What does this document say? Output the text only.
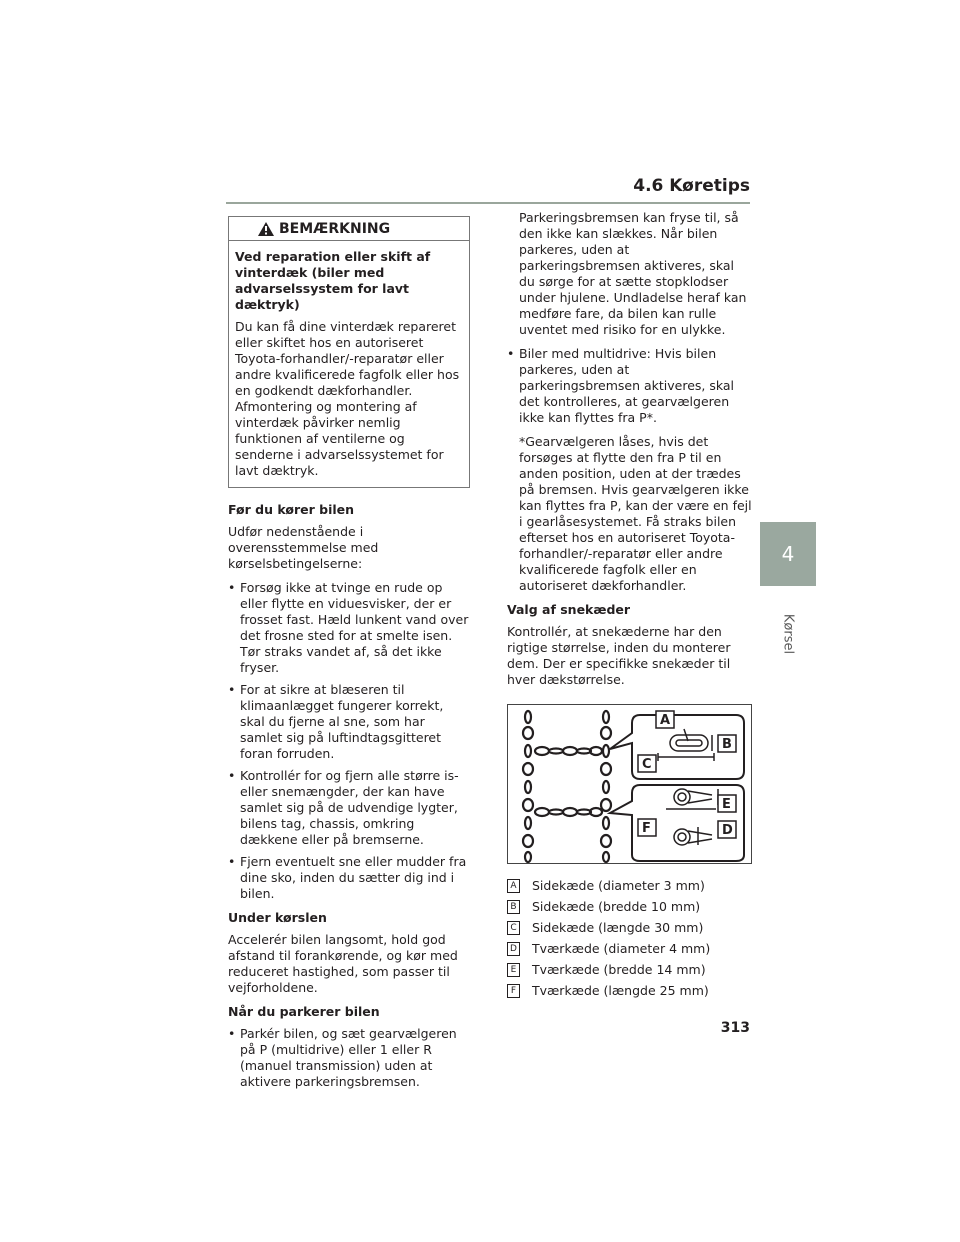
4.6 Køretips
4
Kørsel
BEMÆRKNING
Ved reparation eller skift af vinterdæk (biler med advarselssystem for lavt dæktryk)
Du kan få dine vinterdæk repareret eller skiftet hos en autoriseret Toyota-forhandler/-reparatør eller andre kvalificerede fagfolk eller hos en godkendt dækforhandler. Afmontering og montering af vinterdæk påvirker nemlig funktionen af ventilerne og senderne i advarselssystemet for lavt dæktryk.
Før du kører bilen

Udfør nedenstående i overensstemmelse med kørselsbetingelserne:

• Forsøg ikke at tvinge en rude op eller flytte en viduesvisker, der er frosset fast. Hæld lunkent vand over det frosne sted for at smelte isen. Tør straks vandet af, så det ikke fryser.
• For at sikre at blæseren til klimaanlægget fungerer korrekt, skal du fjerne al sne, som har samlet sig på luftindtagsgitteret foran forruden.
• Kontrollér for og fjern alle større is- eller snemængder, der kan have samlet sig på de udvendige lygter, bilens tag, chassis, omkring dækkene eller på bremserne.
• Fjern eventuelt sne eller mudder fra dine sko, inden du sætter dig ind i bilen.
Under kørslen

Accelerér bilen langsomt, hold god afstand til forankørende, og kør med reduceret hastighed, som passer til vejforholdene.

Når du parkerer bilen
• Parkér bilen, og sæt gearvælgeren på P (multidrive) eller 1 eller R (manuel transmission) uden at aktivere parkeringsbremsen.
Parkeringsbremsen kan fryse til, så den ikke kan slækkes. Når bilen parkeres, uden at parkeringsbremsen aktiveres, skal du sørge for at sætte stopklodser under hjulene. Undladelse heraf kan medføre fare, da bilen kan rulle uventet med risiko for en ulykke.
• Biler med multidrive: Hvis bilen parkeres, uden at parkeringsbremsen aktiveres, skal det kontrolleres, at gearvælgeren ikke kan flyttes fra P*.
*Gearvælgeren låses, hvis det forsøges at flytte den fra P til en anden position, uden at der trædes på bremsen. Hvis gearvælgeren ikke kan flyttes fra P, kan der være en fejl i gearlåsesystemet. Få straks bilen efterset hos en autoriseret Toyota-forhandler/-reparatør eller andre kvalificerede fagfolk eller en autoriseret dækforhandler.
Valg af snekæder

Kontrollér, at snekæderne har den rigtige størrelse, inden du monterer dem. Der er specifikke snekæder til hver dækstørrelse.

A
B
C
D
E
F
A Sidekæde (diameter 3 mm)
B Sidekæde (bredde 10 mm)
C Sidekæde (længde 30 mm)
D Tværkæde (diameter 4 mm)
E Tværkæde (bredde 14 mm)
F	Tværkæde (længde 25 mm)
313
